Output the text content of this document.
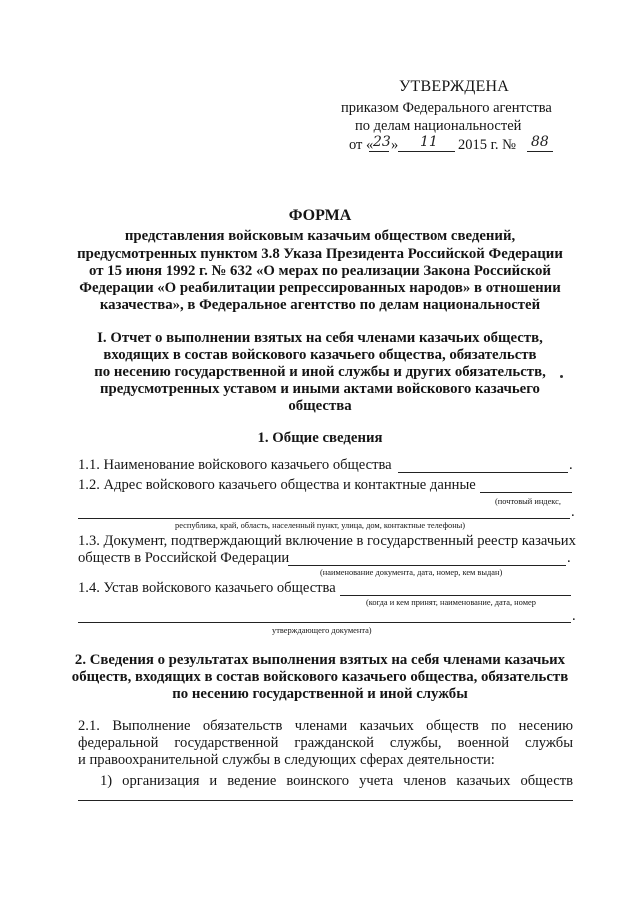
УТВЕРЖДЕНА
приказом Федерального агентства
по делам национальностей
от « 23 » 11 2015 г. № 88
ФОРМА
представления войсковым казачьим обществом сведений,
предусмотренных пунктом 3.8 Указа Президента Российской Федерации
от 15 июня 1992 г. № 632 «О мерах по реализации Закона Российской
Федерации «О реабилитации репрессированных народов» в отношении
казачества», в Федеральное агентство по делам национальностей
I. Отчет о выполнении взятых на себя членами казачьих обществ,
входящих в состав войскового казачьего общества, обязательств
по несению государственной и иной службы и других обязательств,
предусмотренных уставом и иными актами войскового казачьего
общества
1. Общие сведения
1.1. Наименование войскового казачьего общества	.
1.2. Адрес войскового казачьего общества и контактные данные
(почтовый индекс,
.
республика, край, область, населенный пункт, улица, дом, контактные телефоны)
1.3. Документ, подтверждающий включение в государственный реестр казачьих
обществ в Российской Федерации	.
(наименование документа, дата, номер, кем выдан)
1.4. Устав войскового казачьего общества
(когда и кем принят, наименование, дата, номер
.
утверждающего документа)
2. Сведения о результатах выполнения взятых на себя членами казачьих
обществ, входящих в состав войскового казачьего общества, обязательств
по несению государственной и иной службы
2.1. Выполнение обязательств членами казачьих обществ по несению
федеральной государственной гражданской службы, военной службы
и правоохранительной службы в следующих сферах деятельности:
1) организация и ведение воинского учета членов казачьих обществ
